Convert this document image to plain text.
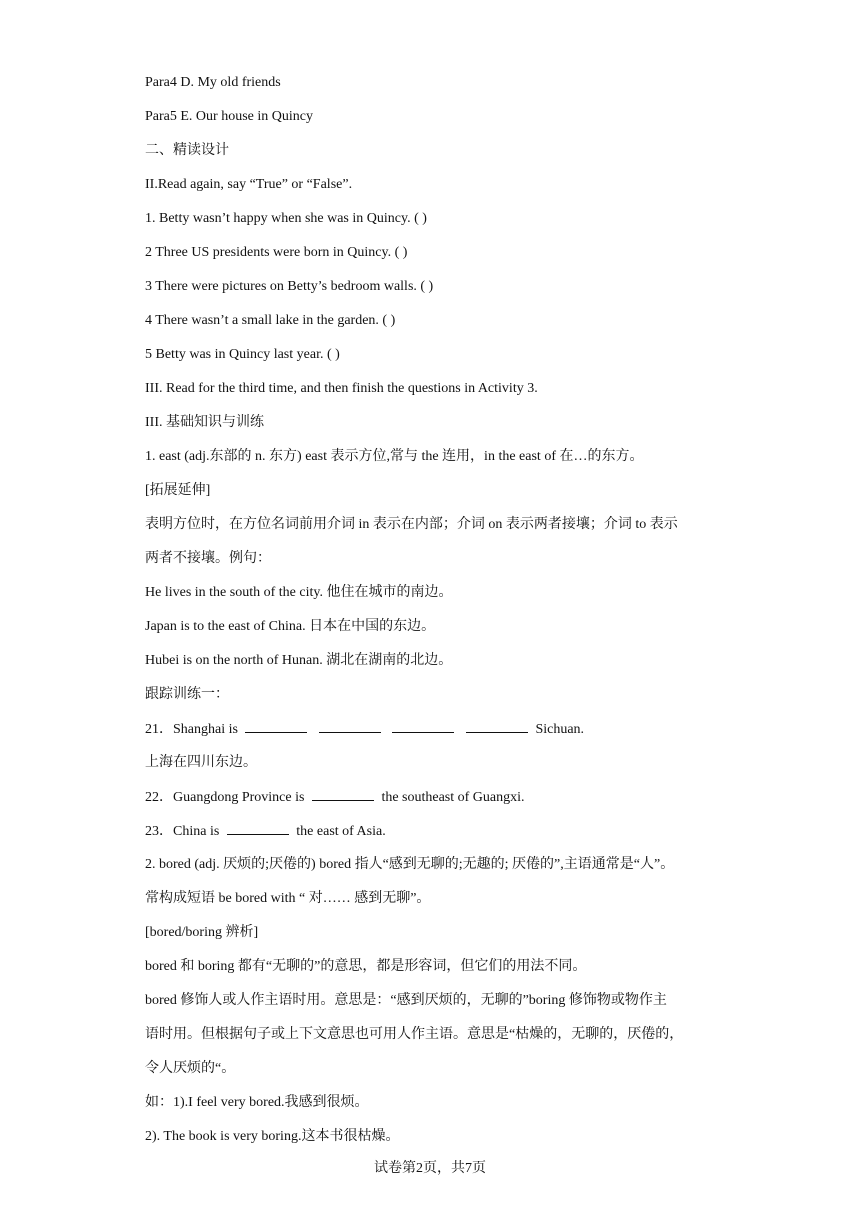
Para4 D. My old friends
Para5 E. Our house in Quincy
二、精读设计
II.Read again, say “True” or “False”.
1. Betty wasn’t happy when she was in Quincy. ( )
2 Three US presidents were born in Quincy. ( )
3 There were pictures on Betty’s bedroom walls. ( )
4 There wasn’t a small lake in the garden. ( )
5 Betty was in Quincy last year. ( )
III. Read for the third time, and then finish the questions in Activity 3.
III. 基础知识与训练
1. east (adj.东部的 n. 东方) east 表示方位,常与 the 连用，in the east of 在…的东方。
[拓展延伸]
表明方位时，在方位名词前用介词 in 表示在内部；介词 on 表示两者接壤；介词 to 表示
两者不接壤。例句：
He lives in the south of the city. 他住在城市的南边。
Japan is to the east of China. 日本在中国的东边。
Hubei is on the north of Hunan. 湖北在湖南的北边。
跟踪训练一：
21．Shanghai is	Sichuan.
上海在四川东边。
22．Guangdong Province is	the southeast of Guangxi.
23．China is	the east of Asia.
2. bored (adj. 厌烦的;厌倦的) bored 指人“感到无聊的;无趣的; 厌倦的”,主语通常是“人”。
常构成短语 be bored with “ 对…… 感到无聊”。
[bored/boring 辨析]
bored 和 boring 都有“无聊的”的意思，都是形容词，但它们的用法不同。
bored 修饰人或人作主语时用。意思是：“感到厌烦的，无聊的”boring 修饰物或物作主
语时用。但根据句子或上下文意思也可用人作主语。意思是“枯燥的，无聊的，厌倦的，
令人厌烦的“。
如：1).I feel very bored.我感到很烦。
2). The book is very boring.这本书很枯燥。
试卷第2页，共7页
